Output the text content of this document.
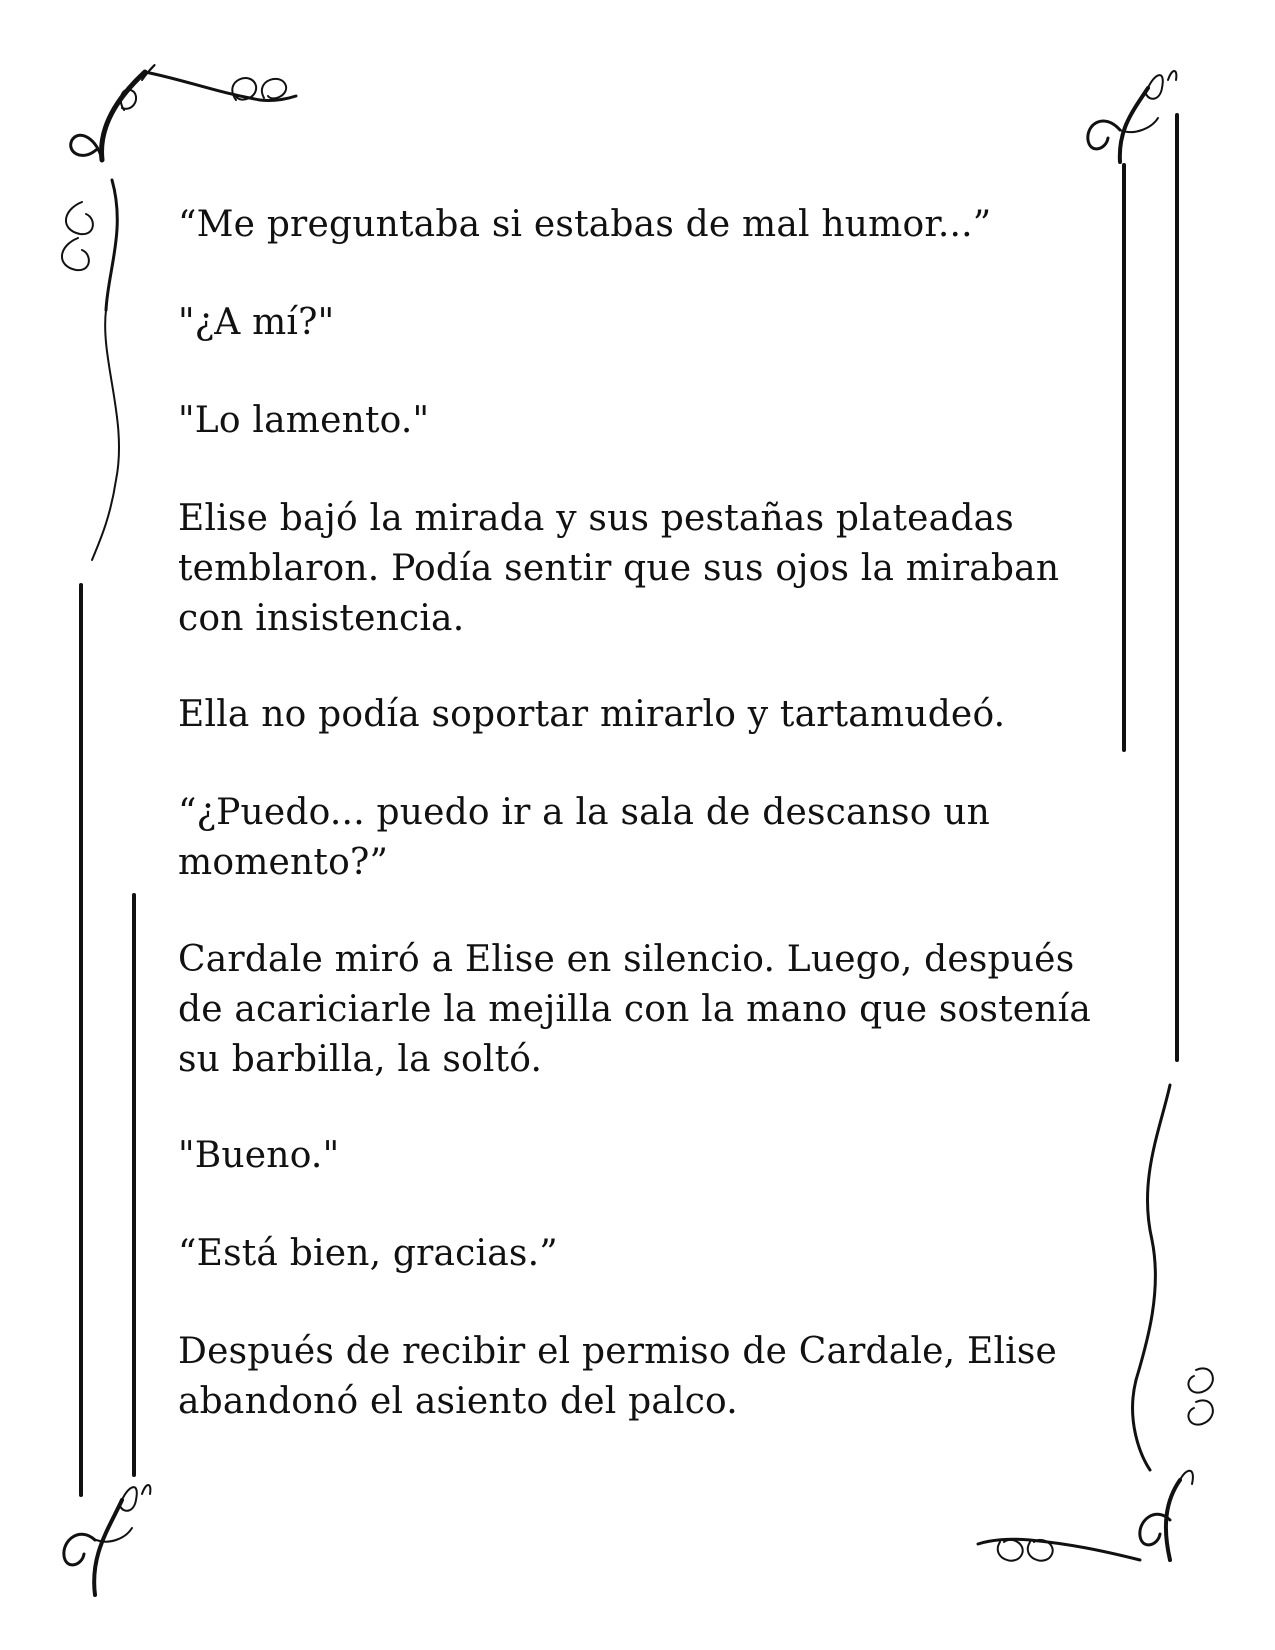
“Me preguntaba si estabas de mal humor...”

"¿A mí?"

"Lo lamento."

Elise bajó la mirada y sus pestañas plateadas temblaron. Podía sentir que sus ojos la miraban con insistencia.

Ella no podía soportar mirarlo y tartamudeó.

“¿Puedo... puedo ir a la sala de descanso un momento?”

Cardale miró a Elise en silencio. Luego, después de acariciarle la mejilla con la mano que sostenía su barbilla, la soltó.

"Bueno."

“Está bien, gracias.”

Después de recibir el permiso de Cardale, Elise abandonó el asiento del palco.
